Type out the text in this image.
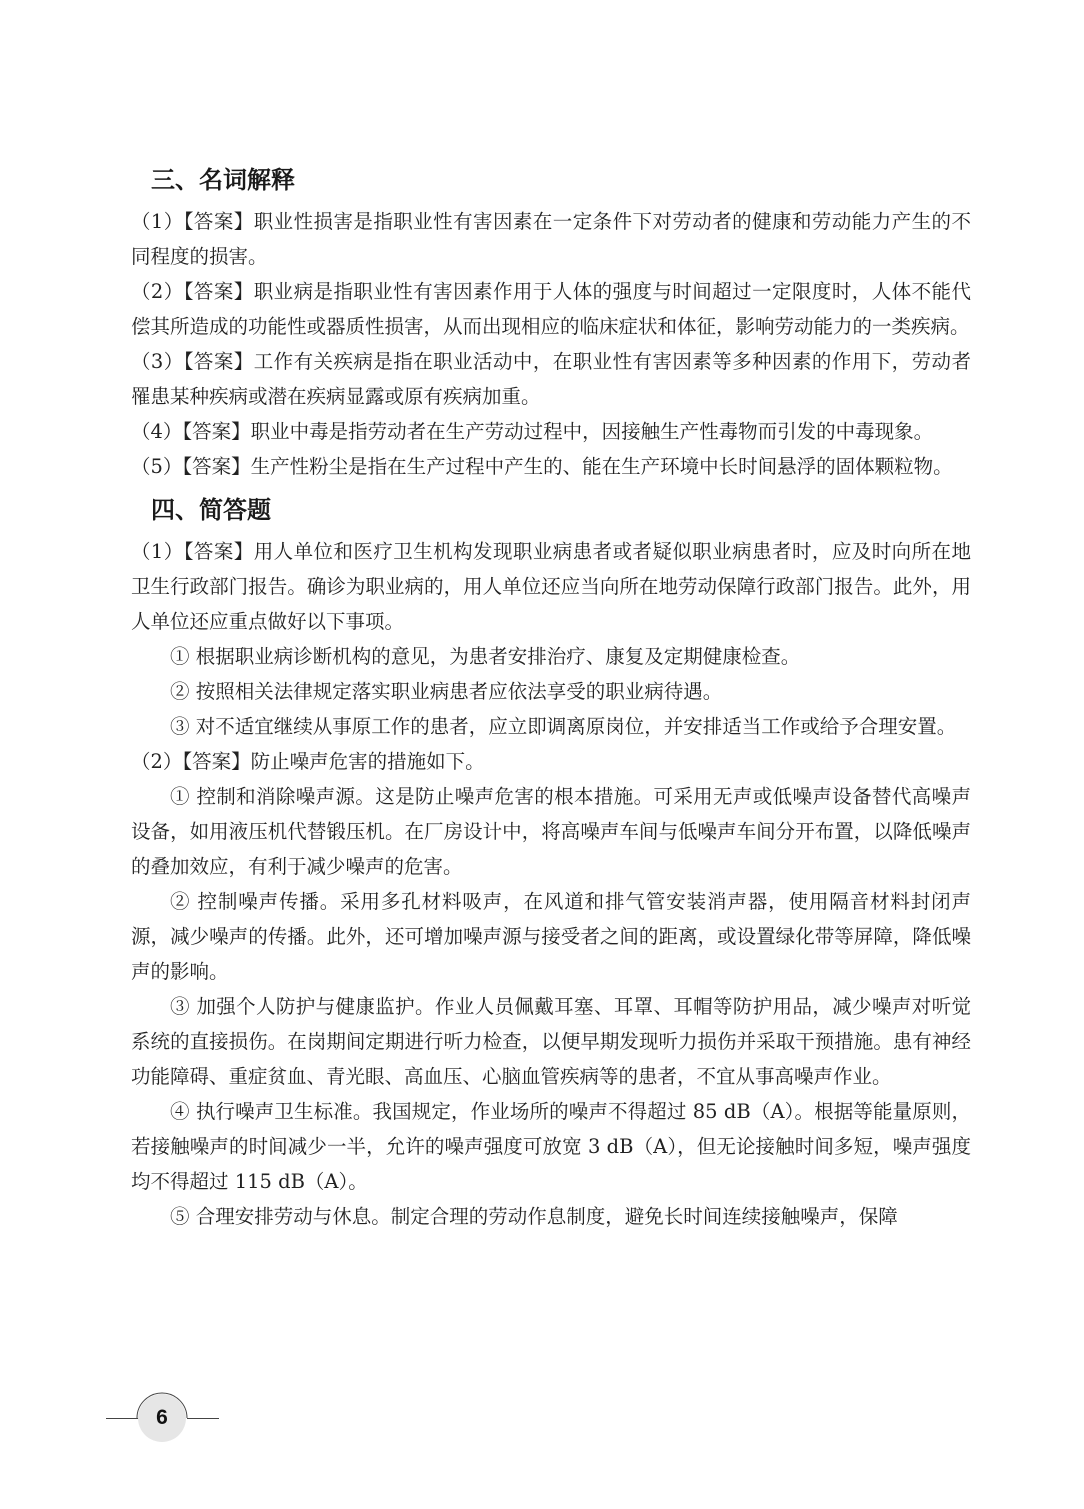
三、名词解释

（1）【答案】职业性损害是指职业性有害因素在一定条件下对劳动者的健康和劳动能力产生的不同程度的损害。

（2）【答案】职业病是指职业性有害因素作用于人体的强度与时间超过一定限度时，人体不能代偿其所造成的功能性或器质性损害，从而出现相应的临床症状和体征，影响劳动能力的一类疾病。

（3）【答案】工作有关疾病是指在职业活动中，在职业性有害因素等多种因素的作用下，劳动者罹患某种疾病或潜在疾病显露或原有疾病加重。

（4）【答案】职业中毒是指劳动者在生产劳动过程中，因接触生产性毒物而引发的中毒现象。

（5）【答案】生产性粉尘是指在生产过程中产生的、能在生产环境中长时间悬浮的固体颗粒物。

四、简答题

（1）【答案】用人单位和医疗卫生机构发现职业病患者或者疑似职业病患者时，应及时向所在地卫生行政部门报告。确诊为职业病的，用人单位还应当向所在地劳动保障行政部门报告。此外，用人单位还应重点做好以下事项。

① 根据职业病诊断机构的意见，为患者安排治疗、康复及定期健康检查。

② 按照相关法律规定落实职业病患者应依法享受的职业病待遇。

③ 对不适宜继续从事原工作的患者，应立即调离原岗位，并安排适当工作或给予合理安置。

（2）【答案】防止噪声危害的措施如下。

① 控制和消除噪声源。这是防止噪声危害的根本措施。可采用无声或低噪声设备替代高噪声设备，如用液压机代替锻压机。在厂房设计中，将高噪声车间与低噪声车间分开布置，以降低噪声的叠加效应，有利于减少噪声的危害。

② 控制噪声传播。采用多孔材料吸声，在风道和排气管安装消声器，使用隔音材料封闭声源，减少噪声的传播。此外，还可增加噪声源与接受者之间的距离，或设置绿化带等屏障，降低噪声的影响。

③ 加强个人防护与健康监护。作业人员佩戴耳塞、耳罩、耳帽等防护用品，减少噪声对听觉系统的直接损伤。在岗期间定期进行听力检查，以便早期发现听力损伤并采取干预措施。患有神经功能障碍、重症贫血、青光眼、高血压、心脑血管疾病等的患者，不宜从事高噪声作业。

④ 执行噪声卫生标准。我国规定，作业场所的噪声不得超过 85 dB（A）。根据等能量原则，若接触噪声的时间减少一半，允许的噪声强度可放宽 3 dB（A），但无论接触时间多短，噪声强度均不得超过 115 dB（A）。

⑤ 合理安排劳动与休息。制定合理的劳动作息制度，避免长时间连续接触噪声，保障

6
